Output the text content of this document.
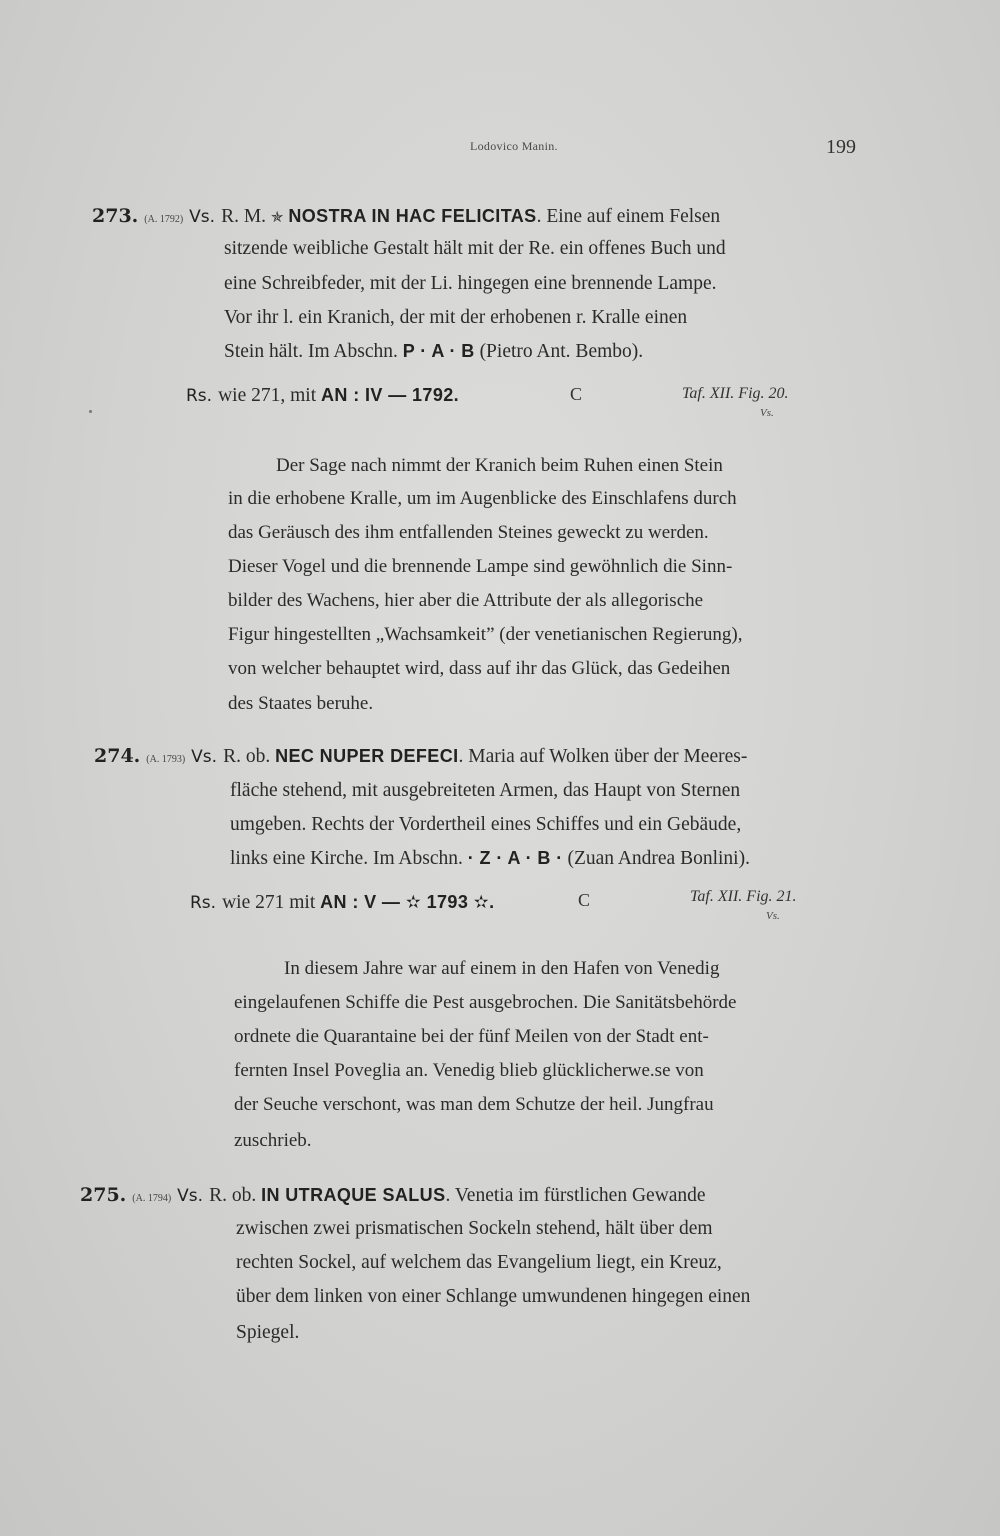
Lodovico Manin.	199
273. (A. 1792) Vs. R. M. ✯ NOSTRA IN HAC FELICITAS. Eine auf einem Felsen
sitzende weibliche Gestalt hält mit der Re. ein offenes Buch und
eine Schreibfeder, mit der Li. hingegen eine brennende Lampe.
Vor ihr l. ein Kranich, der mit der erhobenen r. Kralle einen
Stein hält. Im Abschn. P · A · B (Pietro Ant. Bembo).
Rs. wie 271, mit AN : IV — 1792.	C	Taf. XII. Fig. 20.
Vs.
Der Sage nach nimmt der Kranich beim Ruhen einen Stein
in die erhobene Kralle, um im Augenblicke des Einschlafens durch
das Geräusch des ihm entfallenden Steines geweckt zu werden.
Dieser Vogel und die brennende Lampe sind gewöhnlich die Sinn-
bilder des Wachens, hier aber die Attribute der als allegorische
Figur hingestellten „Wachsamkeit” (der venetianischen Regierung),
von welcher behauptet wird, dass auf ihr das Glück, das Gedeihen
des Staates beruhe.
274. (A. 1793) Vs. R. ob. NEC NUPER DEFECI. Maria auf Wolken über der Meeres-
fläche stehend, mit ausgebreiteten Armen, das Haupt von Sternen
umgeben. Rechts der Vordertheil eines Schiffes und ein Gebäude,
links eine Kirche. Im Abschn. · Z · A · B · (Zuan Andrea Bonlini).
Rs. wie 271 mit AN : V — ✫ 1793 ✫.	C	Taf. XII. Fig. 21.
Vs.
In diesem Jahre war auf einem in den Hafen von Venedig
eingelaufenen Schiffe die Pest ausgebrochen. Die Sanitätsbehörde
ordnete die Quarantaine bei der fünf Meilen von der Stadt ent-
fernten Insel Poveglia an. Venedig blieb glücklicherwe.se von
der Seuche verschont, was man dem Schutze der heil. Jungfrau
zuschrieb.
275. (A. 1794) Vs. R. ob. IN UTRAQUE SALUS. Venetia im fürstlichen Gewande
zwischen zwei prismatischen Sockeln stehend, hält über dem
rechten Sockel, auf welchem das Evangelium liegt, ein Kreuz,
über dem linken von einer Schlange umwundenen hingegen einen
Spiegel.
